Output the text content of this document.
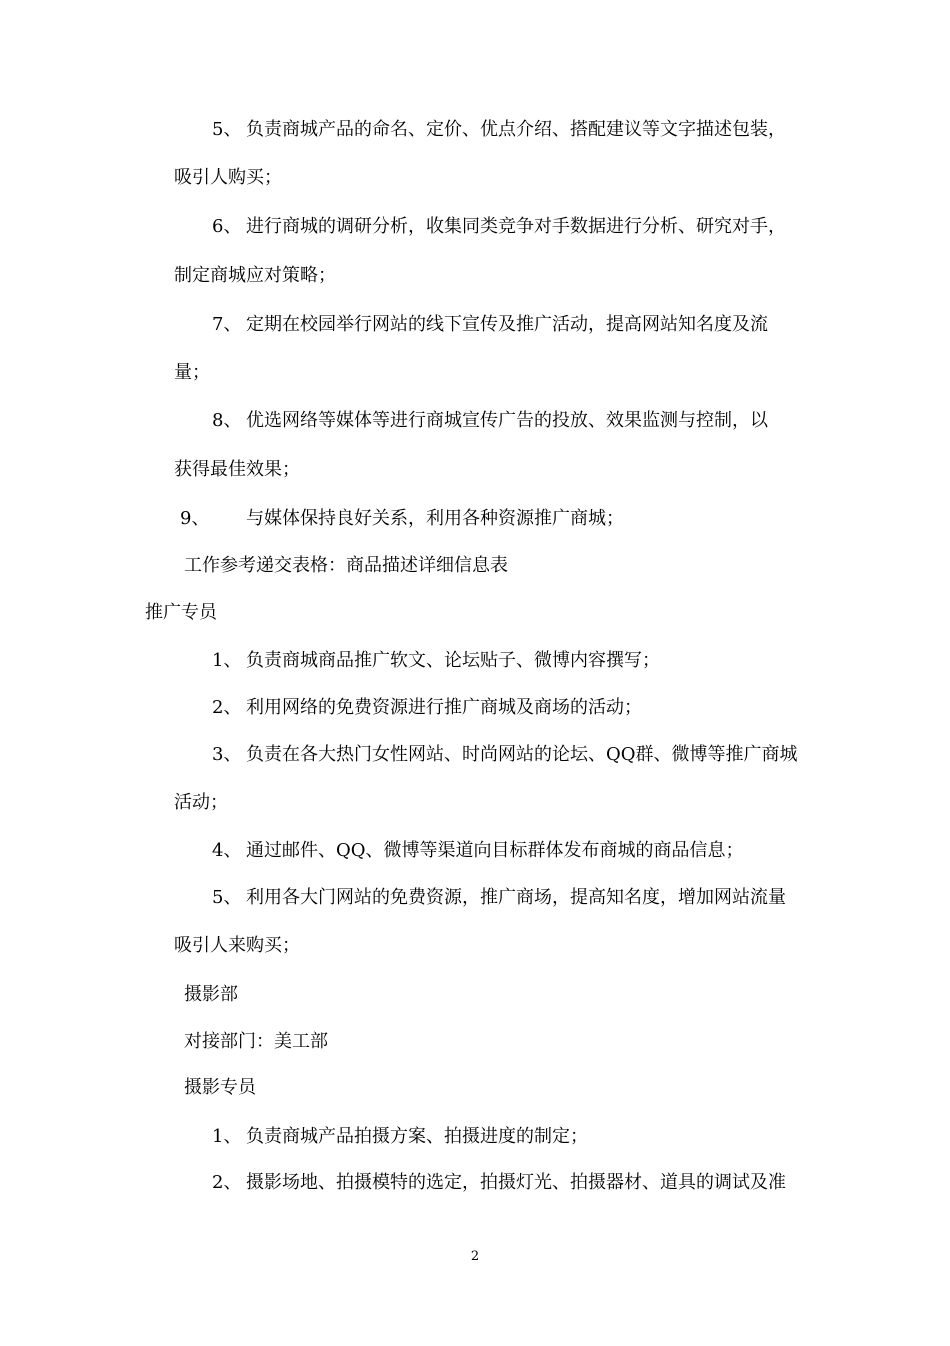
5、 负责商城产品的命名、定价、优点介绍、搭配建议等文字描述包装，
吸引人购买；
6、 进行商城的调研分析，收集同类竞争对手数据进行分析、研究对手，
制定商城应对策略；
7、 定期在校园举行网站的线下宣传及推广活动，提高网站知名度及流
量；
8、 优选网络等媒体等进行商城宣传广告的投放、效果监测与控制，以
获得最佳效果；
9、 与媒体保持良好关系，利用各种资源推广商城；
工作参考递交表格：商品描述详细信息表
推广专员
1、 负责商城商品推广软文、论坛贴子、微博内容撰写；
2、 利用网络的免费资源进行推广商城及商场的活动；
3、 负责在各大热门女性网站、时尚网站的论坛、QQ群、微博等推广商城
活动；
4、 通过邮件、QQ、微博等渠道向目标群体发布商城的商品信息；
5、 利用各大门网站的免费资源，推广商场，提高知名度，增加网站流量
吸引人来购买；
摄影部
对接部门：美工部
摄影专员
1、 负责商城产品拍摄方案、拍摄进度的制定；
2、 摄影场地、拍摄模特的选定，拍摄灯光、拍摄器材、道具的调试及准
2
